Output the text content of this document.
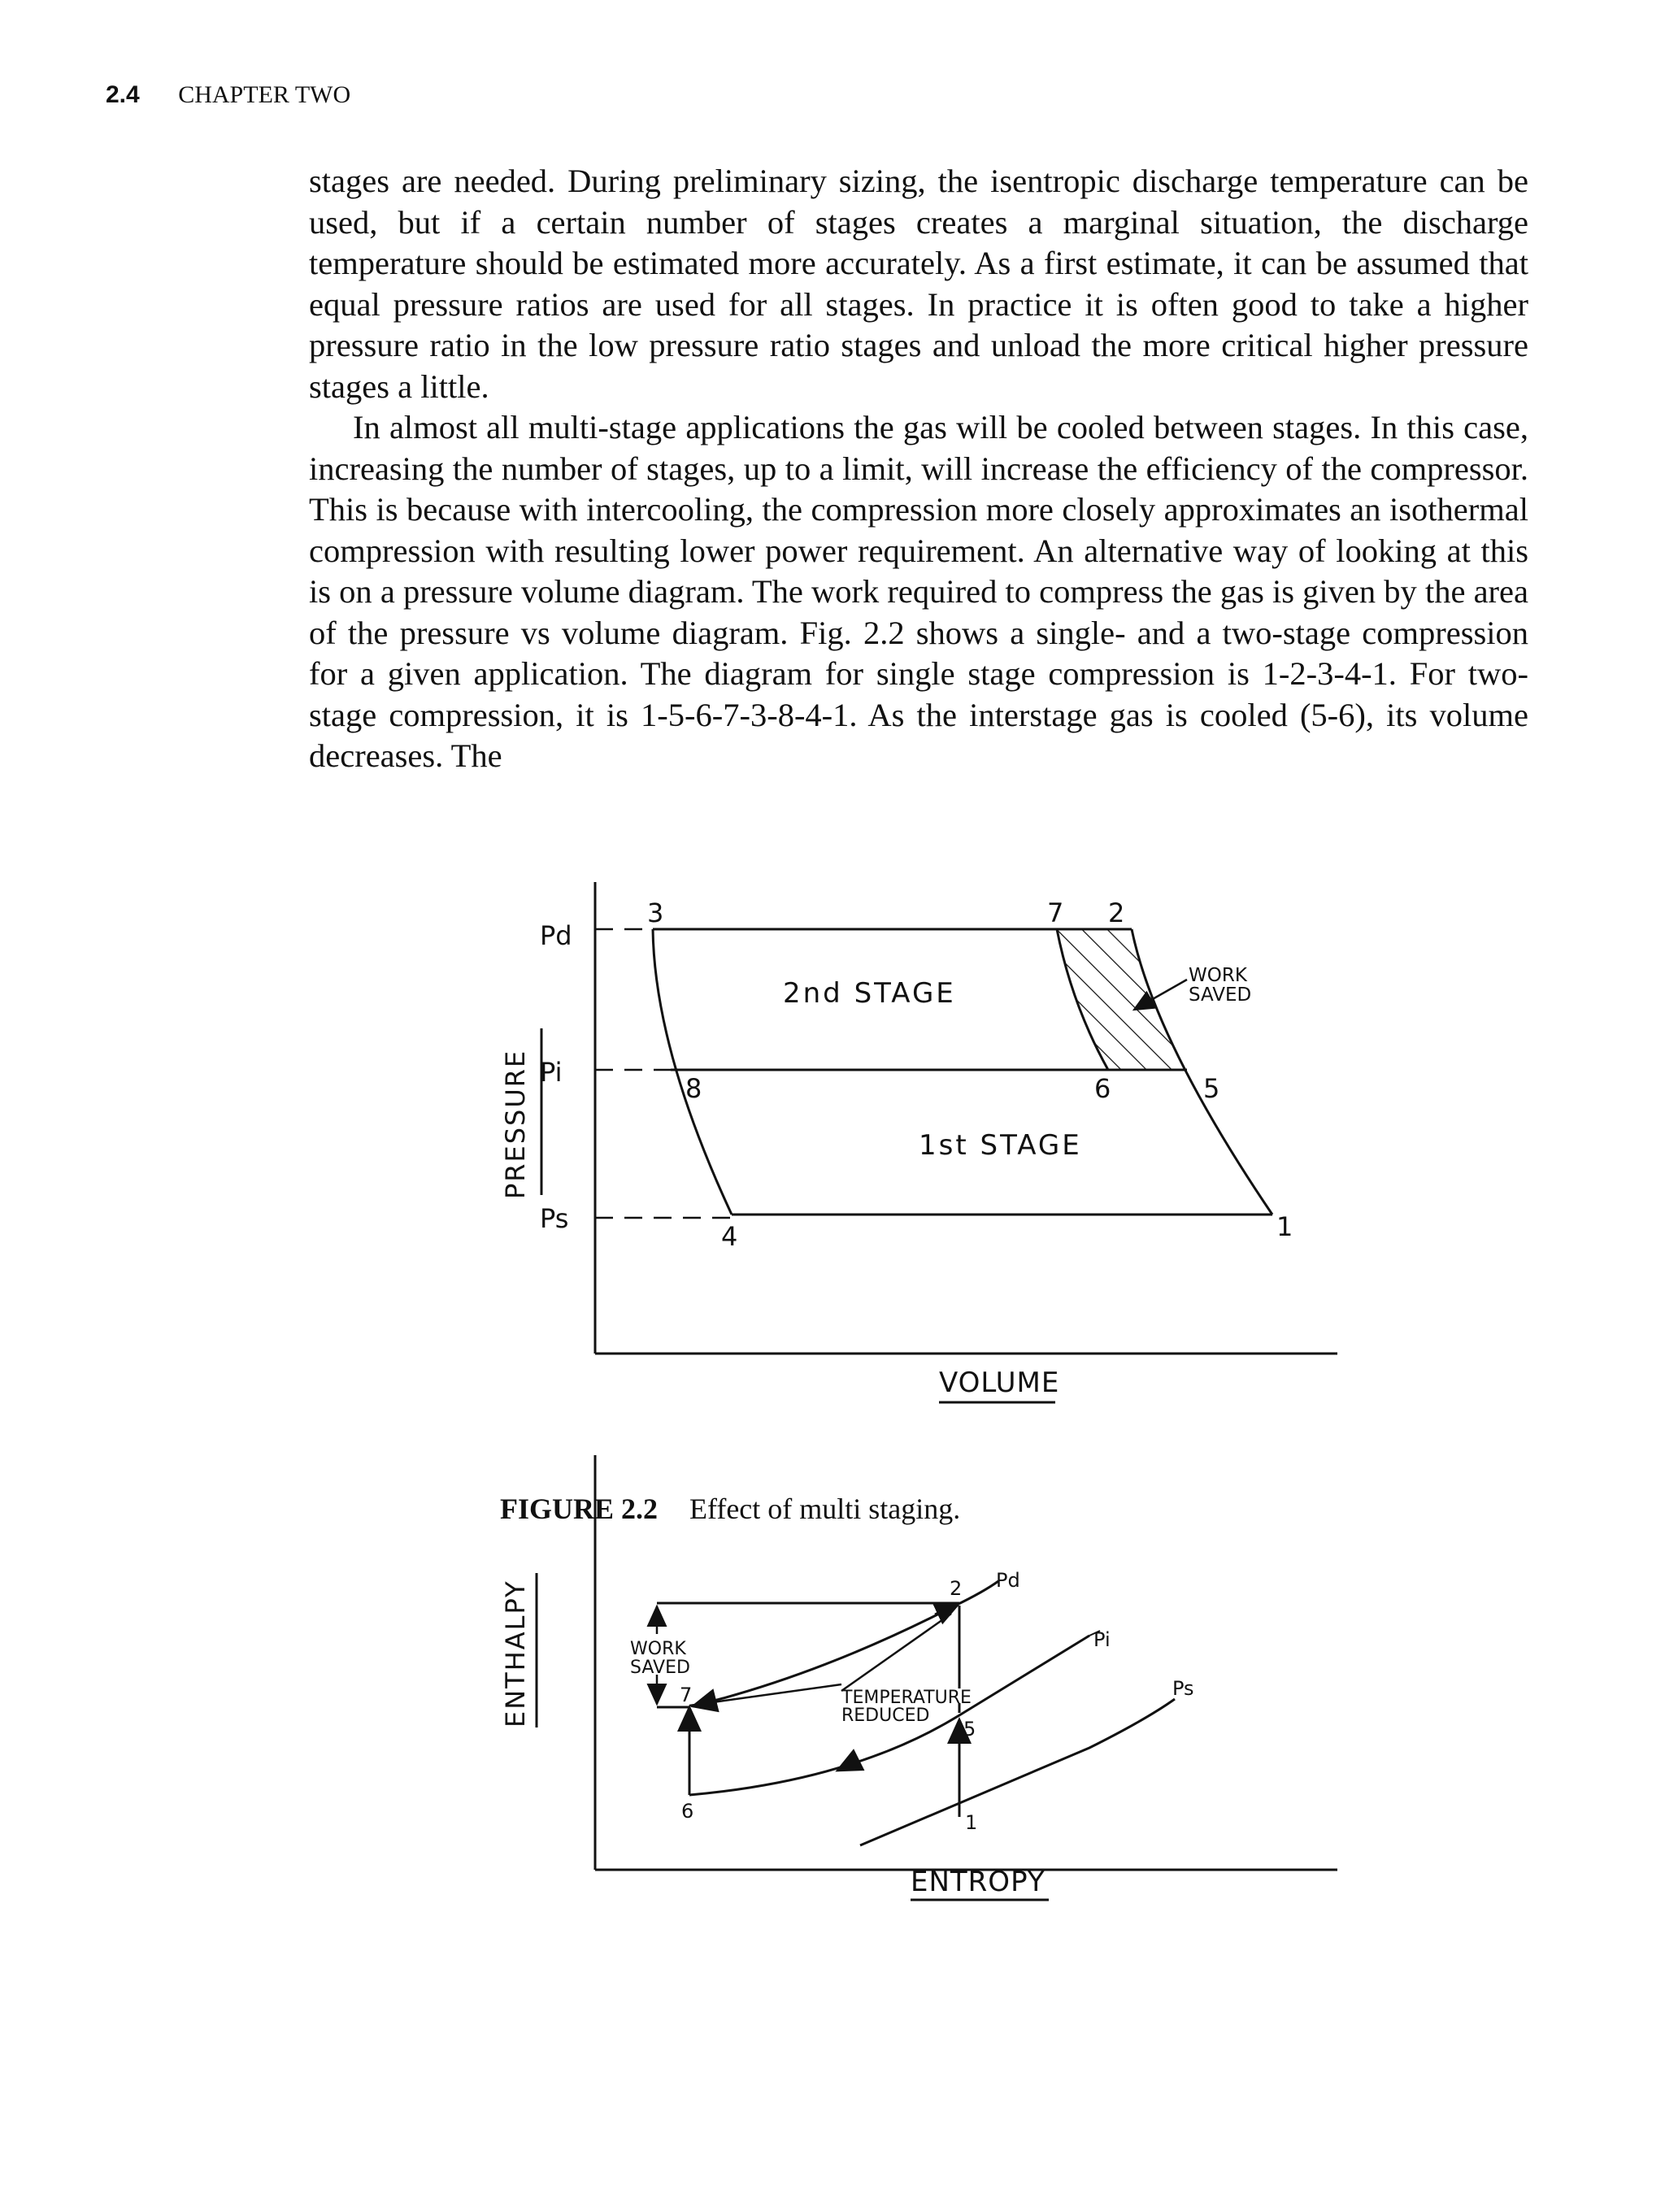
2.4 CHAPTER TWO

stages are needed. During preliminary sizing, the isentropic discharge temperature can be used, but if a certain number of stages creates a marginal situation, the discharge temperature should be estimated more accurately. As a first estimate, it can be assumed that equal pressure ratios are used for all stages. In practice it is often good to take a higher pressure ratio in the low pressure ratio stages and unload the more critical higher pressure stages a little.

In almost all multi-stage applications the gas will be cooled between stages. In this case, increasing the number of stages, up to a limit, will increase the efficiency of the compressor. This is because with intercooling, the compression more closely approximates an isothermal compression with resulting lower power requirement. An alternative way of looking at this is on a pressure volume diagram. The work required to compress the gas is given by the area of the pressure vs volume diagram. Fig. 2.2 shows a single- and a two-stage compression for a given application. The diagram for single stage compression is 1-2-3-4-1. For two-stage compression, it is 1-5-6-7-3-8-4-1. As the interstage gas is cooled (5-6), its volume decreases. The

PRESSURE
VOLUME
Pd
Pi
Ps
3	7 2
8	6	5
4	1
2nd STAGE
1st STAGE
WORK
SAVED
ENTHALPY
ENTROPY
2
7
5
6	1
Pd
Pi
Ps
WORK
SAVED
TEMPERATURE
REDUCED
FIGURE 2.2 Effect of multi staging.
